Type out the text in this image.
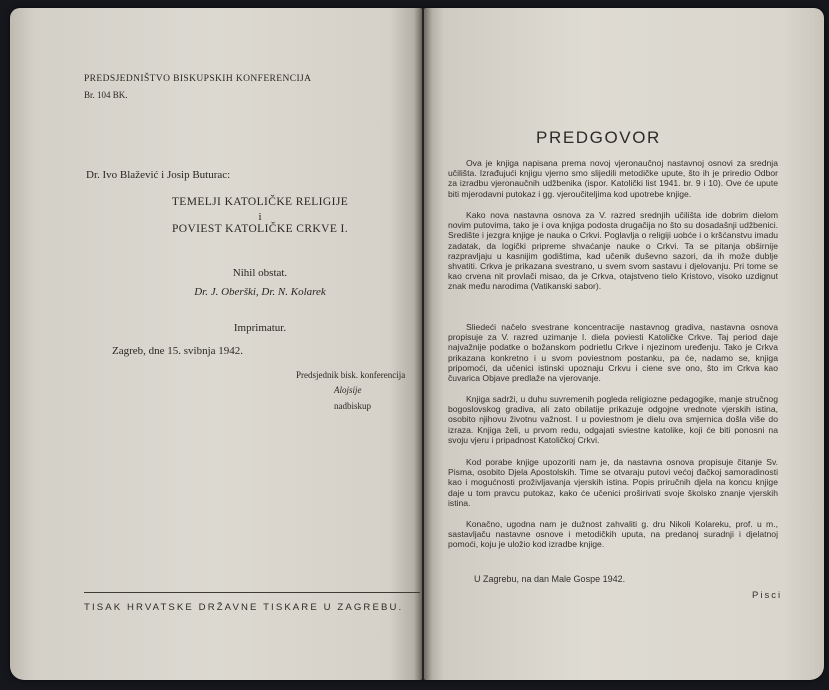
PREDSJEDNIŠTVO BISKUPSKIH KONFERENCIJA
Br. 104 BK.
Dr. Ivo Blažević i Josip Buturac:
TEMELJI KATOLIČKE RELIGIJE
i
POVIEST KATOLIČKE CRKVE I.
Nihil obstat.
Dr. J. Oberški, Dr. N. Kolarek
Imprimatur.
Zagreb, dne 15. svibnja 1942.
Predsjednik bisk. konferencija
Alojsije
nadbiskup
TISAK HRVATSKE DRŽAVNE TISKARE U ZAGREBU.
PREDGOVOR
Ova je knjiga napisana prema novoj vjeronaučnoj nastavnoj osnovi za srednja učilišta. Izrađujući knjigu vjerno smo slijedili metodičke upute, što ih je priredio Odbor za izradbu vjeronaučnih udžbenika (ispor. Katolički list 1941. br. 9 i 10). Ove će upute biti mjerodavni putokaz i gg. vjeroučiteljima kod upotrebe knjige.
Kako nova nastavna osnova za V. razred srednjih učilišta ide dobrim dielom novim putovima, tako je i ova knjiga podosta drugačija no što su dosadašnji udžbenici. Središte i jezgra knjige je nauka o Crkvi. Poglavlja o religiji uobće i o kršćanstvu imadu zadatak, da logički pripreme shvaćanje nauke o Crkvi. Ta se pitanja obširnije razpravljaju u kasnijim godištima, kad učenik duševno sazori, da ih može dublje shvatiti. Crkva je prikazana svestrano, u svem svom sastavu i djelovanju. Pri tome se kao crvena nit provlači misao, da je Crkva, otajstveno tielo Kristovo, visoko uzdignut znak među narodima (Vatikanski sabor).
Sliedeći načelo svestrane koncentracije nastavnog gradiva, nastavna osnova propisuje za V. razred uzimanje I. diela poviesti Katoličke Crkve. Taj period daje najvažnije podatke o božanskom podrietlu Crkve i njezinom uređenju. Tako je Crkva prikazana konkretno i u svom poviestnom postanku, pa će, nadamo se, knjiga pripomoći, da učenici istinski upoznaju Crkvu i ciene sve ono, što im Crkva kao čuvarica Objave predlaže na vjerovanje.
Knjiga sadrži, u duhu suvremenih pogleda religiozne pedagogike, manje stručnog bogoslovskog gradiva, ali zato obilatije prikazuje odgojne vrednote vjerskih istina, osobito njihovu životnu važnost. I u poviestnom je dielu ova smjernica došla više do izraza. Knjiga želi, u prvom redu, odgajati sviestne katolike, koji će biti ponosni na svoju vjeru i pripadnost Katoličkoj Crkvi.
Kod porabe knjige upozoriti nam je, da nastavna osnova propisuje čitanje Sv. Pisma, osobito Djela Apostolskih. Time se otvaraju putovi većoj đačkoj samoradinosti kao i mogućnosti proživljavanja vjerskih istina. Popis priručnih djela na koncu knjige daje u tom pravcu putokaz, kako će učenici proširivati svoje školsko znanje vjerskih istina.
Konačno, ugodna nam je dužnost zahvaliti g. dru Nikoli Kolareku, prof. u m., sastavljaču nastavne osnove i metodičkih uputa, na predanoj suradnji i djelatnoj pomoći, koju je uložio kod izradbe knjige.
U Zagrebu, na dan Male Gospe 1942.
Pisci
